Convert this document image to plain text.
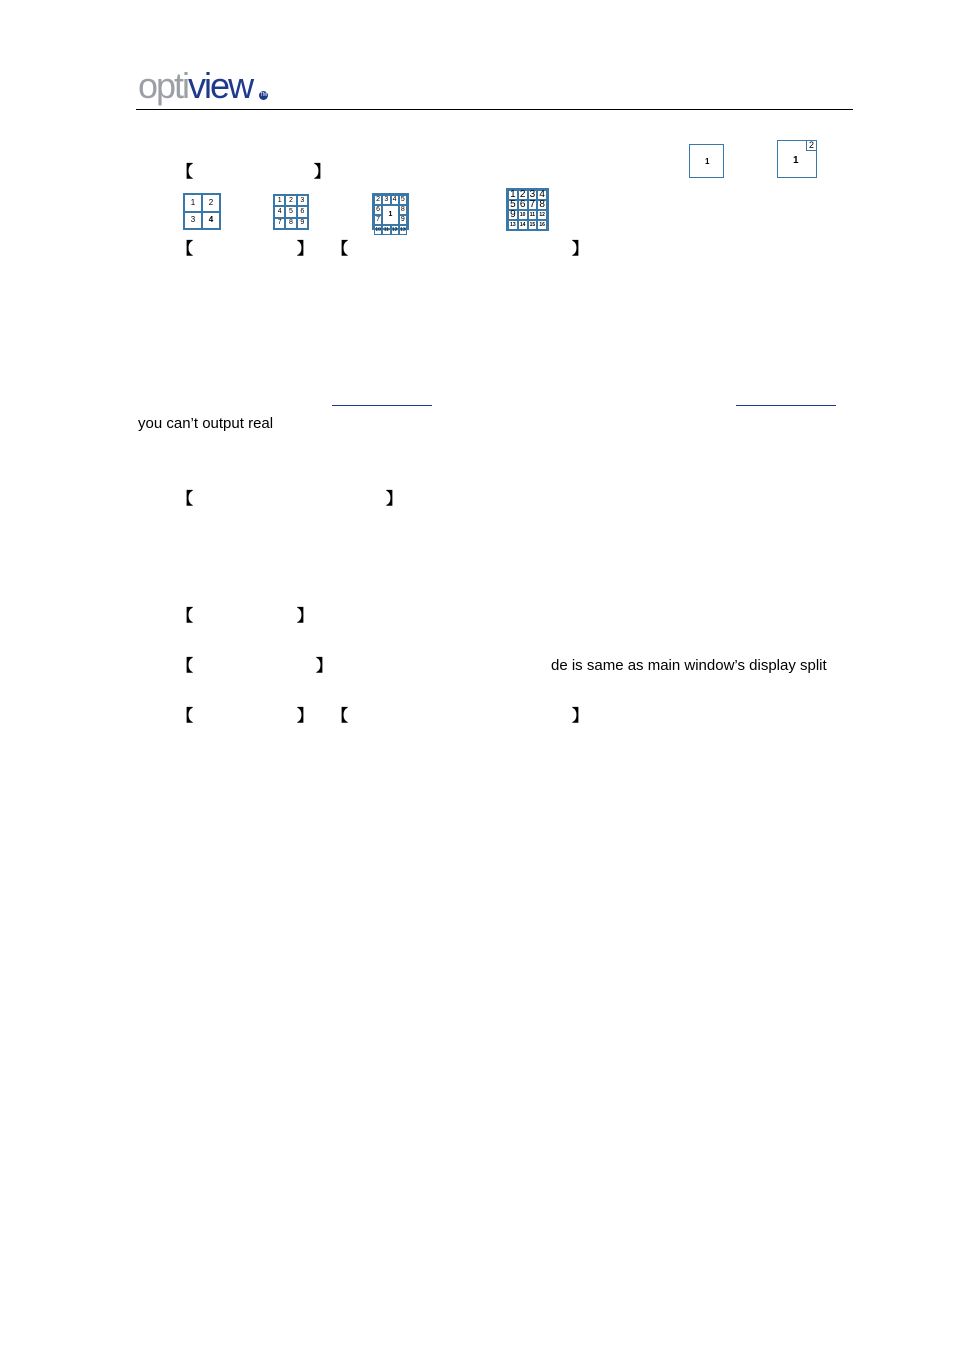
optiview TM
【	】
1	1
2
1	2
3	4
1	2	3
4	5	6
7	8	9
2 3 4 5
6
1
8
7	9
10 11 12 13
1 2 3 4
5 6 7 8
9 10 11 12
13 14 15 16
【	】 【	】
you can’t output real
【	】
【	】
【	】	de is same as main window’s display split
【	】 【	】
